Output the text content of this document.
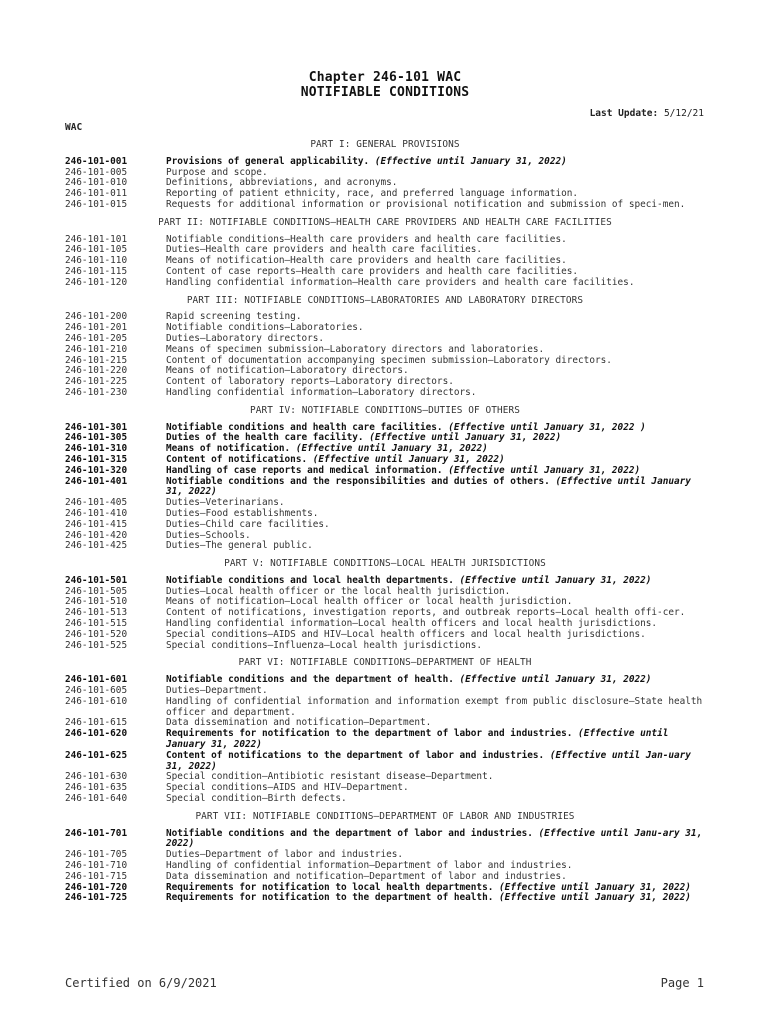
Chapter 246-101 WAC
NOTIFIABLE CONDITIONS
Last Update: 5/12/21
WAC
PART I: GENERAL PROVISIONS
246-101-001	Provisions of general applicability. (Effective until January 31, 2022)
246-101-005	Purpose and scope.
246-101-010	Definitions, abbreviations, and acronyms.
246-101-011	Reporting of patient ethnicity, race, and preferred language information.
246-101-015	Requests for additional information or provisional notification and submission of speci-men.
PART II: NOTIFIABLE CONDITIONS—HEALTH CARE PROVIDERS AND HEALTH CARE FACILITIES
246-101-101	Notifiable conditions—Health care providers and health care facilities.
246-101-105	Duties—Health care providers and health care facilities.
246-101-110	Means of notification—Health care providers and health care facilities.
246-101-115	Content of case reports—Health care providers and health care facilities.
246-101-120	Handling confidential information—Health care providers and health care facilities.
PART III: NOTIFIABLE CONDITIONS—LABORATORIES AND LABORATORY DIRECTORS
246-101-200	Rapid screening testing.
246-101-201	Notifiable conditions—Laboratories.
246-101-205	Duties—Laboratory directors.
246-101-210	Means of specimen submission—Laboratory directors and laboratories.
246-101-215	Content of documentation accompanying specimen submission—Laboratory directors.
246-101-220	Means of notification—Laboratory directors.
246-101-225	Content of laboratory reports—Laboratory directors.
246-101-230	Handling confidential information—Laboratory directors.
PART IV: NOTIFIABLE CONDITIONS—DUTIES OF OTHERS
246-101-301	Notifiable conditions and health care facilities. (Effective until January 31, 2022 )
246-101-305	Duties of the health care facility. (Effective until January 31, 2022)
246-101-310	Means of notification. (Effective until January 31, 2022)
246-101-315	Content of notifications. (Effective until January 31, 2022)
246-101-320	Handling of case reports and medical information. (Effective until January 31, 2022)
246-101-401	Notifiable conditions and the responsibilities and duties of others. (Effective until January 31, 2022)
246-101-405	Duties—Veterinarians.
246-101-410	Duties—Food establishments.
246-101-415	Duties—Child care facilities.
246-101-420	Duties—Schools.
246-101-425	Duties—The general public.
PART V: NOTIFIABLE CONDITIONS—LOCAL HEALTH JURISDICTIONS
246-101-501	Notifiable conditions and local health departments. (Effective until January 31, 2022)
246-101-505	Duties—Local health officer or the local health jurisdiction.
246-101-510	Means of notification—Local health officer or local health jurisdiction.
246-101-513	Content of notifications, investigation reports, and outbreak reports—Local health offi-cer.
246-101-515	Handling confidential information—Local health officers and local health jurisdictions.
246-101-520	Special conditions—AIDS and HIV—Local health officers and local health jurisdictions.
246-101-525	Special conditions—Influenza—Local health jurisdictions.
PART VI: NOTIFIABLE CONDITIONS—DEPARTMENT OF HEALTH
246-101-601	Notifiable conditions and the department of health. (Effective until January 31, 2022)
246-101-605	Duties—Department.
246-101-610	Handling of confidential information and information exempt from public disclosure—State health officer and department.
246-101-615	Data dissemination and notification—Department.
246-101-620	Requirements for notification to the department of labor and industries. (Effective until January 31, 2022)
246-101-625	Content of notifications to the department of labor and industries. (Effective until Jan-uary 31, 2022)
246-101-630	Special condition—Antibiotic resistant disease—Department.
246-101-635	Special conditions—AIDS and HIV—Department.
246-101-640	Special condition—Birth defects.
PART VII: NOTIFIABLE CONDITIONS—DEPARTMENT OF LABOR AND INDUSTRIES
246-101-701	Notifiable conditions and the department of labor and industries. (Effective until Janu-ary 31, 2022)
246-101-705	Duties—Department of labor and industries.
246-101-710	Handling of confidential information—Department of labor and industries.
246-101-715	Data dissemination and notification—Department of labor and industries.
246-101-720	Requirements for notification to local health departments. (Effective until January 31, 2022)
246-101-725	Requirements for notification to the department of health. (Effective until January 31, 2022)
Certified on 6/9/2021	Page 1
